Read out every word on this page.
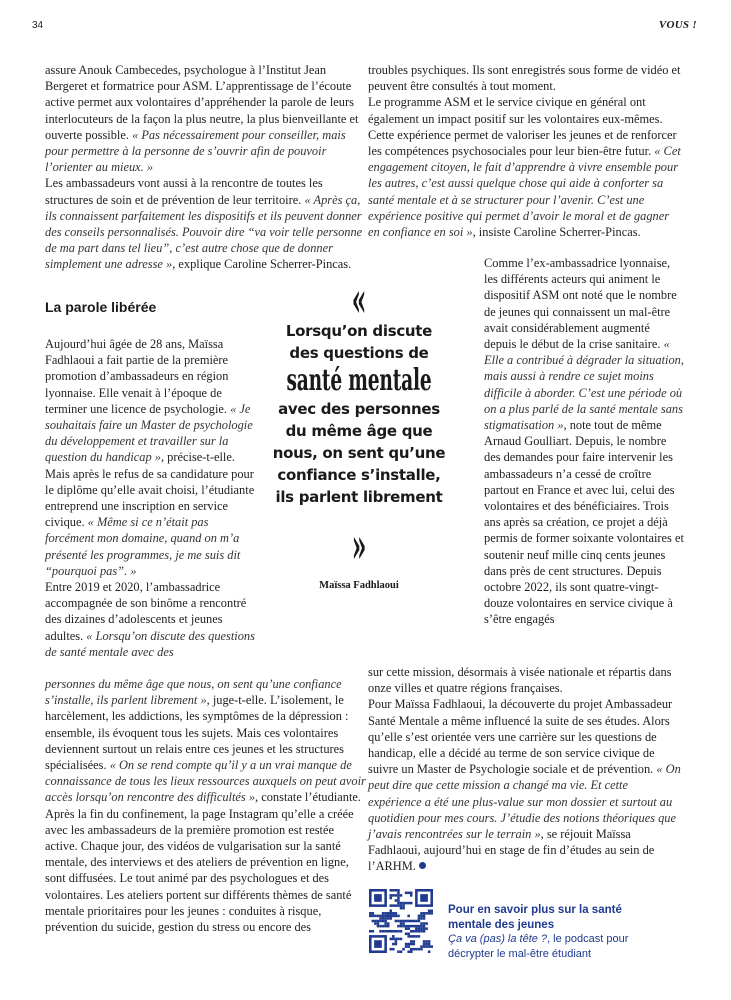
34	VOUS !

assure Anouk Cambecedes, psychologue à l’Institut Jean Bergeret et formatrice pour ASM. L’apprentissage de l’écoute active permet aux volontaires d’appréhender la parole de leurs interlocuteurs de la façon la plus neutre, la plus bienveillante et ouverte possible. « Pas nécessairement pour conseiller, mais pour permettre à la personne de s’ouvrir afin de pouvoir l’orienter au mieux. »

Les ambassadeurs vont aussi à la rencontre de toutes les structures de soin et de prévention de leur territoire. « Après ça, ils connaissent parfaitement les dispositifs et ils peuvent donner des conseils personnalisés. Pouvoir dire “va voir telle personne de ma part dans tel lieu”, c’est autre chose que de donner simplement une adresse », explique Caroline Scherrer-Pincas.

La parole libérée

Aujourd’hui âgée de 28 ans, Maïssa Fadhlaoui a fait partie de la première promotion d’ambassadeurs en région lyonnaise. Elle venait à l’époque de terminer une licence de psychologie. « Je souhaitais faire un Master de psychologie du développement et travailler sur la question du handicap », précise-t-elle. Mais après le refus de sa candidature pour le diplôme qu’elle avait choisi, l’étudiante entreprend une inscription en service civique. « Même si ce n’était pas forcément mon domaine, quand on m’a présenté les programmes, je me suis dit “pourquoi pas”. »

Entre 2019 et 2020, l’ambassadrice accompagnée de son binôme a rencontré des dizaines d’adolescents et jeunes adultes. « Lorsqu’on discute des questions de santé mentale avec des

personnes du même âge que nous, on sent qu’une confiance s’installe, ils parlent librement », juge-t-elle. L’isolement, le harcèlement, les addictions, les symptômes de la dépression : ensemble, ils évoquent tous les sujets. Mais ces volontaires deviennent surtout un relais entre ces jeunes et les structures spécialisées. « On se rend compte qu’il y a un vrai manque de connaissance de tous les lieux ressources auxquels on peut avoir accès lorsqu’on rencontre des difficultés », constate l’étudiante.

Après la fin du confinement, la page Instagram qu’elle a créée avec les ambassadeurs de la première promotion est restée active. Chaque jour, des vidéos de vulgarisation sur la santé mentale, des interviews et des ateliers de prévention en ligne, sont diffusées. Le tout animé par des psychologues et des volontaires. Les ateliers portent sur différents thèmes de santé mentale prioritaires pour les jeunes : conduites à risque, prévention du suicide, gestion du stress ou encore des

troubles psychiques. Ils sont enregistrés sous forme de vidéo et peuvent être consultés à tout moment.

Le programme ASM et le service civique en général ont également un impact positif sur les volontaires eux-mêmes. Cette expérience permet de valoriser les jeunes et de renforcer les compétences psychosociales pour leur bien-être futur. « Cet engagement citoyen, le fait d’apprendre à vivre ensemble pour les autres, c’est aussi quelque chose qui aide à conforter sa santé mentale et à se structurer pour l’avenir. C’est une expérience positive qui permet d’avoir le moral et de gagner en confiance en soi », insiste Caroline Scherrer-Pincas.

«
Lorsqu’on discute des questions de
santé mentale
avec des personnes du même âge que nous, on sent qu’une confiance s’installe, ils parlent librement
»
Maïssa Fadhlaoui

Comme l’ex-ambassadrice lyonnaise, les différents acteurs qui animent le dispositif ASM ont noté que le nombre de jeunes qui connaissent un mal-être avait considérablement augmenté depuis le début de la crise sanitaire. « Elle a contribué à dégrader la situation, mais aussi à rendre ce sujet moins difficile à aborder. C’est une période où on a plus parlé de la santé mentale sans stigmatisation », note tout de même Arnaud Goulliart. Depuis, le nombre des demandes pour faire intervenir les ambassadeurs n’a cessé de croître partout en France et avec lui, celui des volontaires et des bénéficiaires. Trois ans après sa création, ce projet a déjà permis de former soixante volontaires et soutenir neuf mille cinq cents jeunes dans près de cent structures. Depuis octobre 2022, ils sont quatre-vingt-douze volontaires en service civique à s’être engagés

sur cette mission, désormais à visée nationale et répartis dans onze villes et quatre régions françaises.

Pour Maïssa Fadhlaoui, la découverte du projet Ambassadeur Santé Mentale a même influencé la suite de ses études. Alors qu’elle s’est orientée vers une carrière sur les questions de handicap, elle a décidé au terme de son service civique de suivre un Master de Psychologie sociale et de prévention. « On peut dire que cette mission a changé ma vie. Et cette expérience a été une plus-value sur mon dossier et surtout au quotidien pour mes cours. J’étudie des notions théoriques que j’avais rencontrées sur le terrain », se réjouit Maïssa Fadhlaoui, aujourd’hui en stage de fin d’études au sein de l’ARHM.

Pour en savoir plus sur la santé mentale des jeunes
Ça va (pas) la tête ?, le podcast pour décrypter le mal-être étudiant
